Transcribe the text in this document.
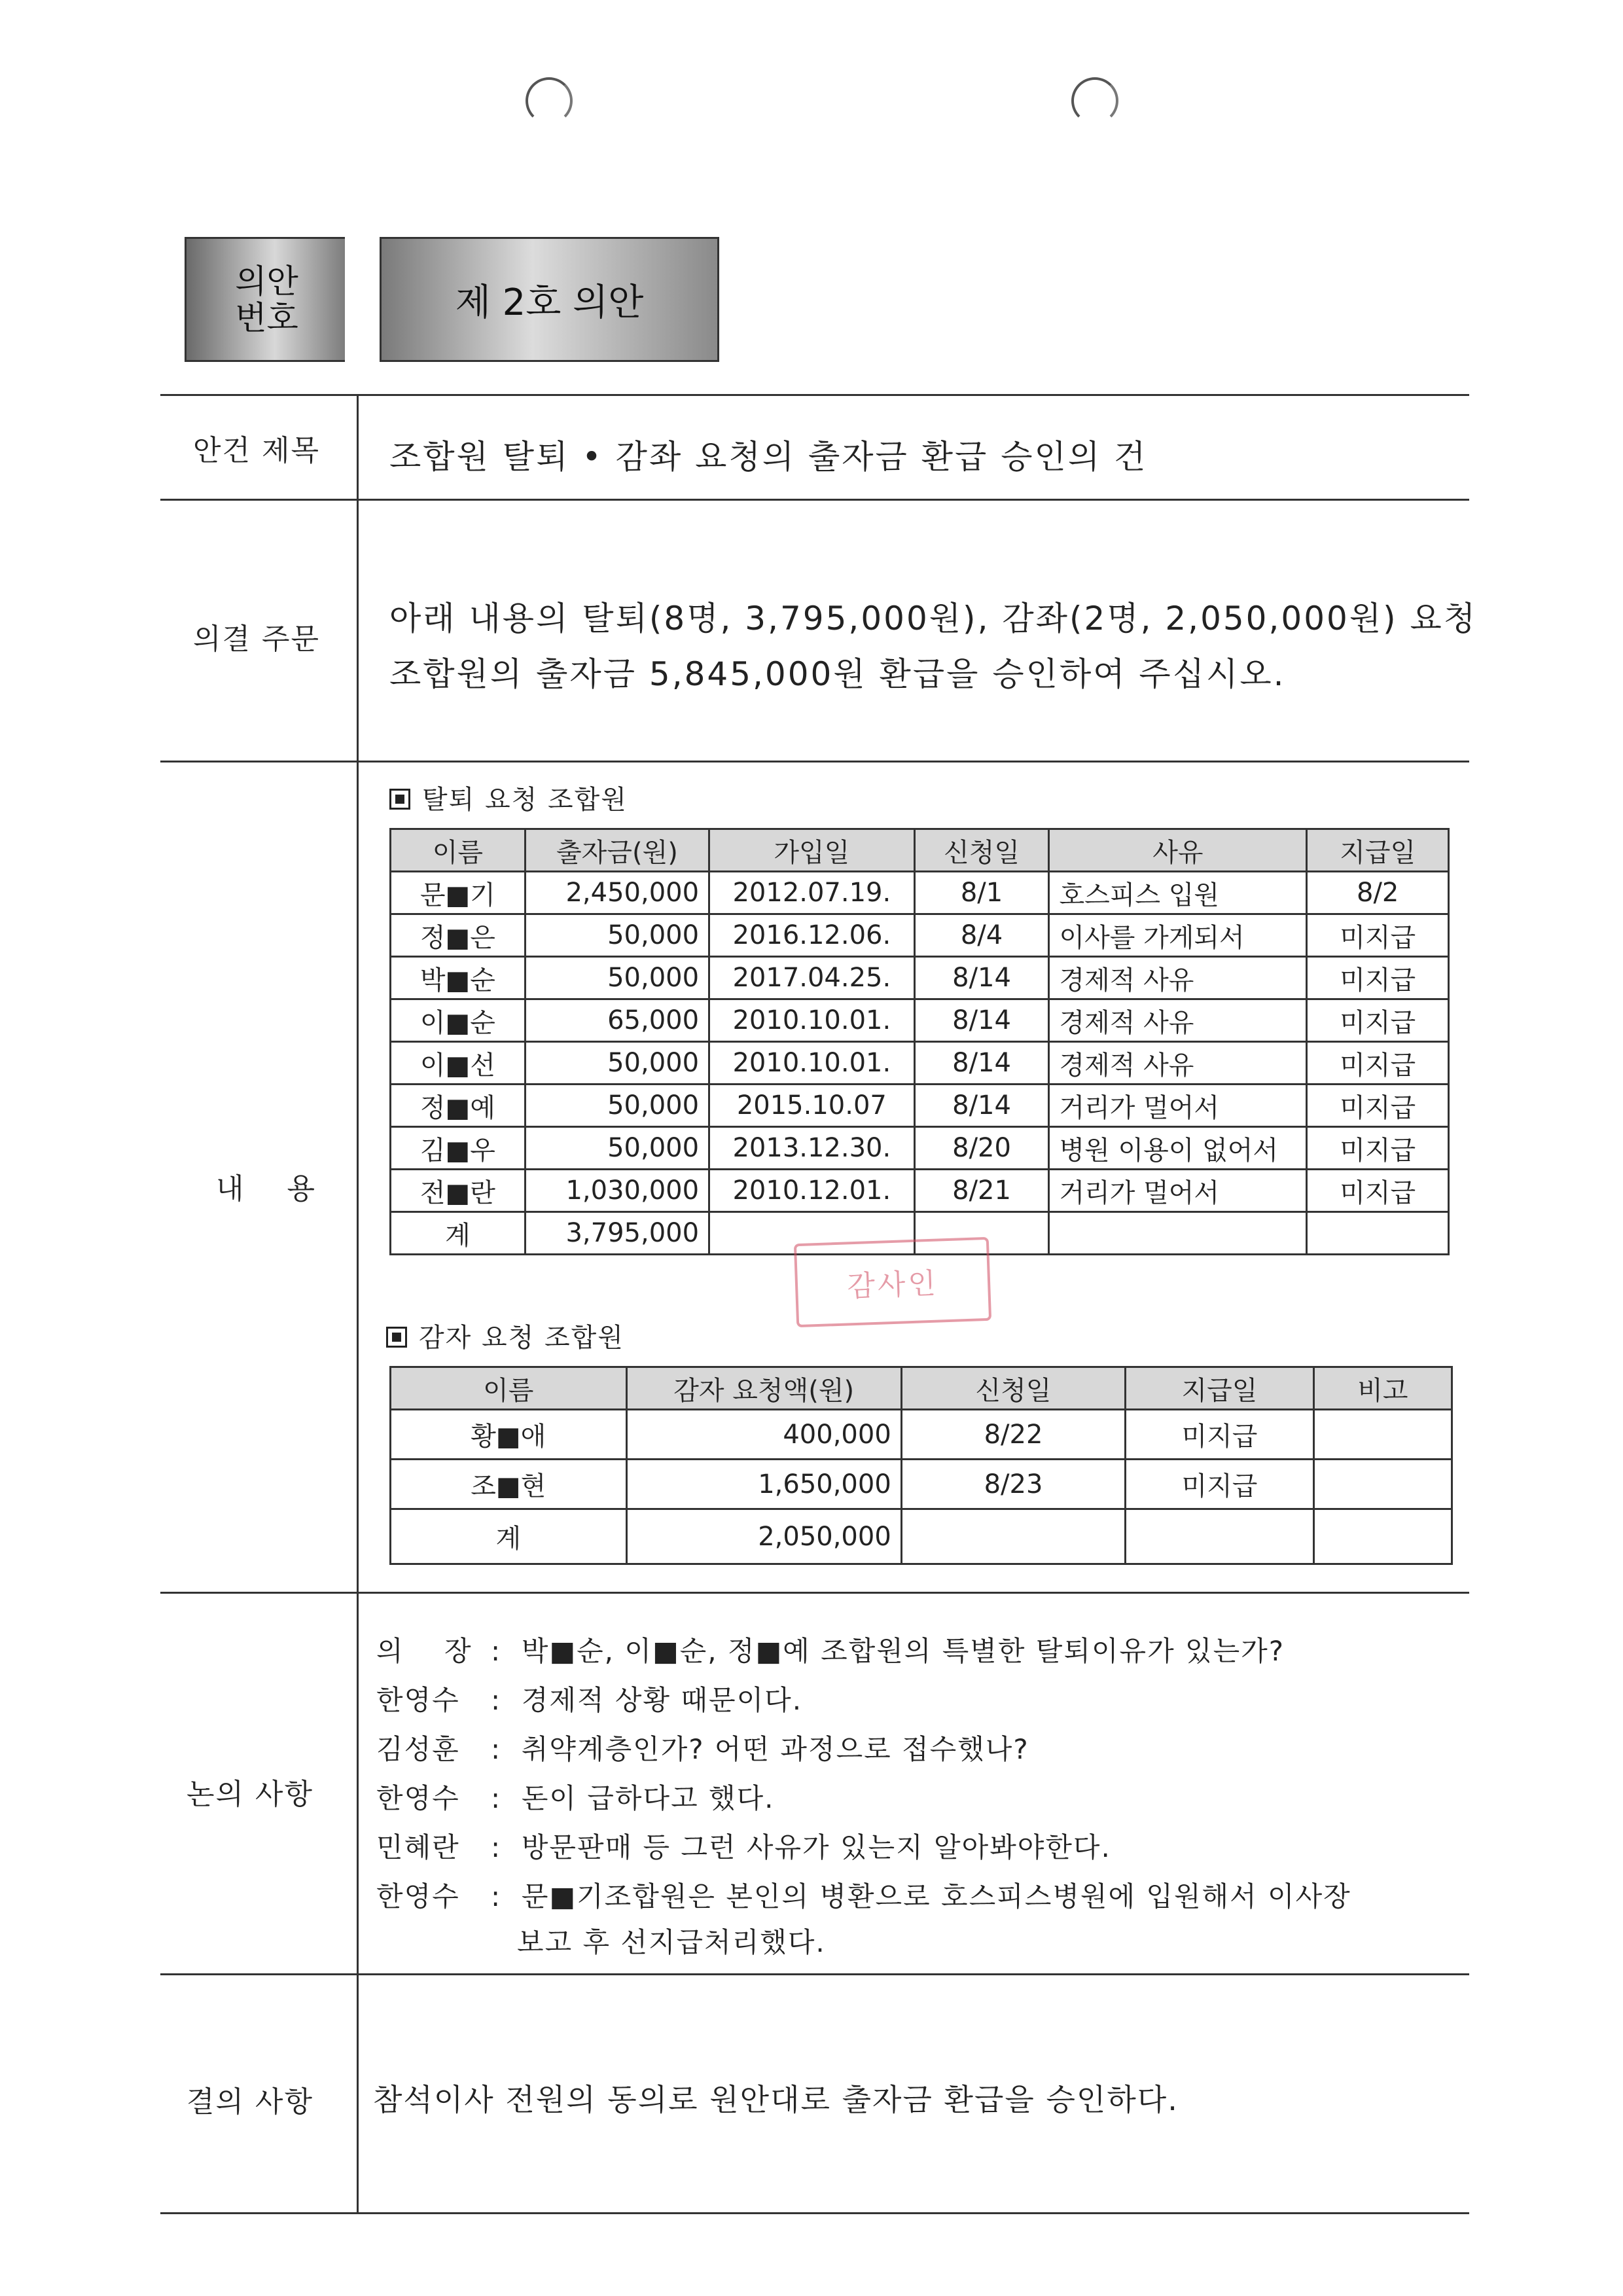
의안
번호	제 2호 의안
안건 제목 조합원 탈퇴 • 감좌 요청의 출자금 환급 승인의 건
의결 주문
아래 내용의 탈퇴(8명, 3,795,000원), 감좌(2명, 2,050,000원) 요청
조합원의 출자금 5,845,000원 환급을 승인하여 주십시오.
내    용
탈퇴 요청 조합원
이름	출자금(원)	가입일	신청일	사유	지급일
문■기	2,450,000	2012.07.19.	8/1	호스피스 입원	8/2
정■은	50,000	2016.12.06.	8/4	이사를 가게되서	미지급
박■순	50,000	2017.04.25.	8/14	경제적 사유	미지급
이■순	65,000	2010.10.01.	8/14	경제적 사유	미지급
이■선	50,000	2010.10.01.	8/14	경제적 사유	미지급
정■예	50,000	2015.10.07	8/14	거리가 멀어서	미지급
김■우	50,000	2013.12.30.	8/20	병원 이용이 없어서	미지급
전■란	1,030,000	2010.12.01.	8/21	거리가 멀어서	미지급
계	3,795,000				
감사인
감자 요청 조합원
이름	감자 요청액(원)	신청일	지급일	비고
황■애	400,000	8/22	미지급	
조■현	1,650,000	8/23	미지급	
계	2,050,000			
논의 사항
의    장 :  박■순, 이■순, 정■예 조합원의 특별한 탈퇴이유가 있는가?
한영수 :  경제적 상황 때문이다.
김성훈 :  취약계층인가? 어떤 과정으로 접수했나?
한영수 :  돈이 급하다고 했다.
민혜란 :  방문판매 등 그런 사유가 있는지 알아봐야한다.
한영수 :  문■기조합원은 본인의 병환으로 호스피스병원에 입원해서 이사장
보고 후 선지급처리했다.
결의 사항 참석이사 전원의 동의로 원안대로 출자금 환급을 승인하다.
